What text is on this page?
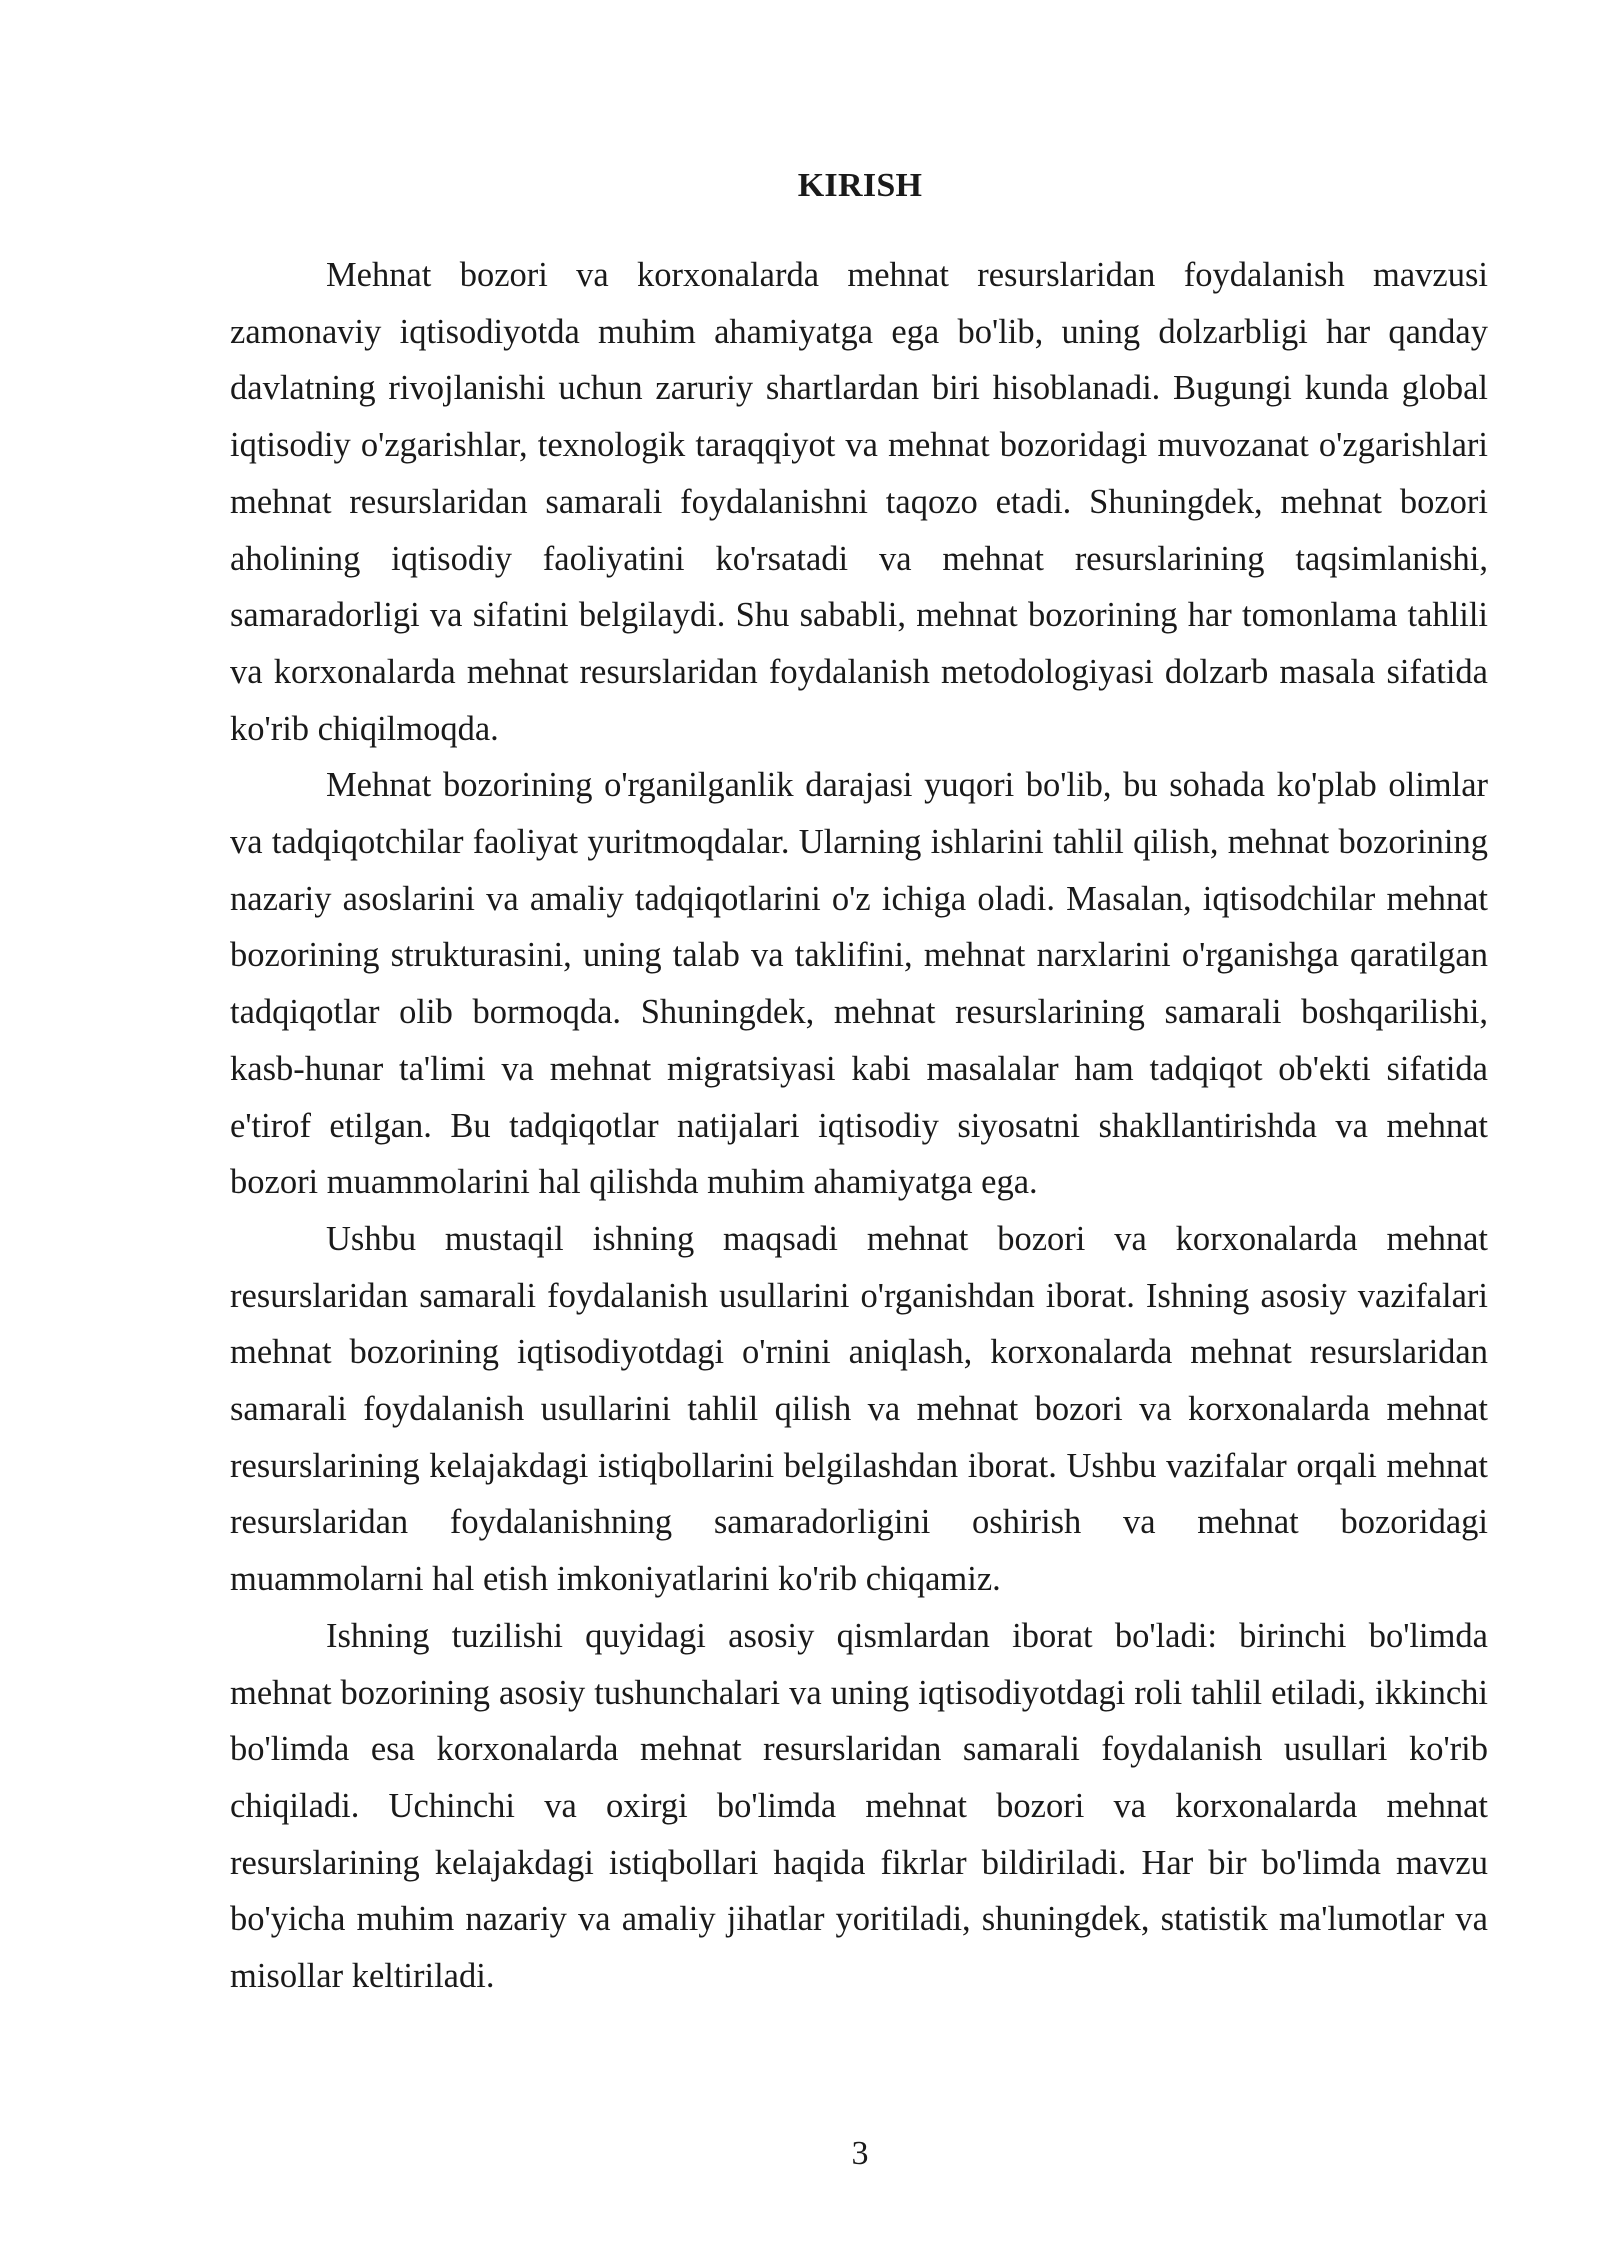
KIRISH

Mehnat bozori va korxonalarda mehnat resurslaridan foydalanish mavzusi zamonaviy iqtisodiyotda muhim ahamiyatga ega bo'lib, uning dolzarbligi har qanday davlatning rivojlanishi uchun zaruriy shartlardan biri hisoblanadi. Bugungi kunda global iqtisodiy o'zgarishlar, texnologik taraqqiyot va mehnat bozoridagi muvozanat o'zgarishlari mehnat resurslaridan samarali foydalanishni taqozo etadi. Shuningdek, mehnat bozori aholining iqtisodiy faoliyatini ko'rsatadi va mehnat resurslarining taqsimlanishi, samaradorligi va sifatini belgilaydi. Shu sababli, mehnat bozorining har tomonlama tahlili va korxonalarda mehnat resurslaridan foydalanish metodologiyasi dolzarb masala sifatida ko'rib chiqilmoqda.

Mehnat bozorining o'rganilganlik darajasi yuqori bo'lib, bu sohada ko'plab olimlar va tadqiqotchilar faoliyat yuritmoqdalar. Ularning ishlarini tahlil qilish, mehnat bozorining nazariy asoslarini va amaliy tadqiqotlarini o'z ichiga oladi. Masalan, iqtisodchilar mehnat bozorining strukturasini, uning talab va taklifini, mehnat narxlarini o'rganishga qaratilgan tadqiqotlar olib bormoqda. Shuningdek, mehnat resurslarining samarali boshqarilishi, kasb-hunar ta'limi va mehnat migratsiyasi kabi masalalar ham tadqiqot ob'ekti sifatida e'tirof etilgan. Bu tadqiqotlar natijalari iqtisodiy siyosatni shakllantirishda va mehnat bozori muammolarini hal qilishda muhim ahamiyatga ega.

Ushbu mustaqil ishning maqsadi mehnat bozori va korxonalarda mehnat resurslaridan samarali foydalanish usullarini o'rganishdan iborat. Ishning asosiy vazifalari mehnat bozorining iqtisodiyotdagi o'rnini aniqlash, korxonalarda mehnat resurslaridan samarali foydalanish usullarini tahlil qilish va mehnat bozori va korxonalarda mehnat resurslarining kelajakdagi istiqbollarini belgilashdan iborat. Ushbu vazifalar orqali mehnat resurslaridan foydalanishning samaradorligini oshirish va mehnat bozoridagi muammolarni hal etish imkoniyatlarini ko'rib chiqamiz.

Ishning tuzilishi quyidagi asosiy qismlardan iborat bo'ladi: birinchi bo'limda mehnat bozorining asosiy tushunchalari va uning iqtisodiyotdagi roli tahlil etiladi, ikkinchi bo'limda esa korxonalarda mehnat resurslaridan samarali foydalanish usullari ko'rib chiqiladi. Uchinchi va oxirgi bo'limda mehnat bozori va korxonalarda mehnat resurslarining kelajakdagi istiqbollari haqida fikrlar bildiriladi. Har bir bo'limda mavzu bo'yicha muhim nazariy va amaliy jihatlar yoritiladi, shuningdek, statistik ma'lumotlar va misollar keltiriladi.

3
